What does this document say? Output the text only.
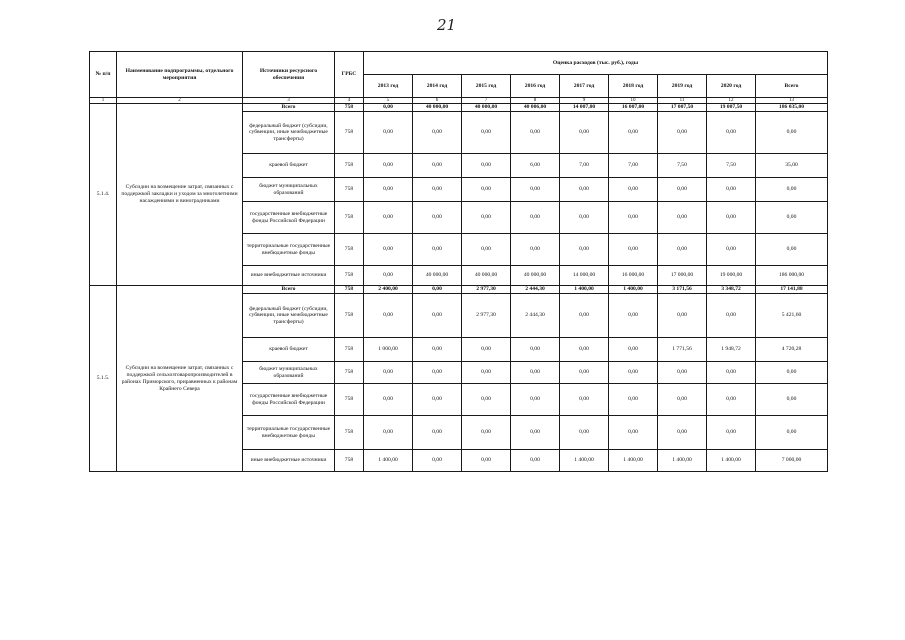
21
№ п/п	Наименование подпрограммы, отдельного мероприятия	Источники ресурсного обеспечения	ГРБС	Оценка расходов (тыс. руб.), годы								
				2013 год	2014 год	2015 год	2016 год	2017 год	2018 год	2019 год	2020 год	Всего
1	2	3	4	5	6	7	8	9	10	11	12	13
5.1.4.	Субсидии на возмещение затрат, связанных с поддержкой закладки и уходом за многолетними насаждениями и виноградниками	Всего	758	0,00	40 000,00	40 000,00	40 006,00	14 007,00	16 007,00	17 007,50	19 007,50	186 035,00
		федеральный бюджет (субсидии, субвенции, иные межбюджетные трансферты)	758	0,00	0,00	0,00	0,00	0,00	0,00	0,00	0,00	0,00
		краевой бюджет	758	0,00	0,00	0,00	6,00	7,00	7,00	7,50	7,50	35,00
		бюджет муниципальных образований	758	0,00	0,00	0,00	0,00	0,00	0,00	0,00	0,00	0,00
		государственные внебюджетные фонды Российской Федерации	758	0,00	0,00	0,00	0,00	0,00	0,00	0,00	0,00	0,00
		территориальные государственные внебюджетные фонды	758	0,00	0,00	0,00	0,00	0,00	0,00	0,00	0,00	0,00
		иные внебюджетные источники	758	0,00	40 000,00	40 000,00	40 000,00	14 000,00	16 000,00	17 000,00	19 000,00	186 000,00
5.1.5.	Субсидии на возмещение затрат, связанных с поддержкой сельхозтоваропроизводителей в районах Приморского, приравненных к районам Крайнего Севера	Всего	758	2 400,00	0,00	2 977,30	2 444,30	1 400,00	1 400,00	3 171,56	3 348,72	17 141,88
		федеральный бюджет (субсидии, субвенции, иные межбюджетные трансферты)	758	0,00	0,00	2 977,30	2 444,30	0,00	0,00	0,00	0,00	5 421,60
		краевой бюджет	758	1 000,00	0,00	0,00	0,00	0,00	0,00	1 771,56	1 948,72	4 720,28
		бюджет муниципальных образований	758	0,00	0,00	0,00	0,00	0,00	0,00	0,00	0,00	0,00
		государственные внебюджетные фонды Российской Федерации	758	0,00	0,00	0,00	0,00	0,00	0,00	0,00	0,00	0,00
		территориальные государственные внебюджетные фонды	758	0,00	0,00	0,00	0,00	0,00	0,00	0,00	0,00	0,00
		иные внебюджетные источники	758	1 400,00	0,00	0,00	0,00	1 400,00	1 400,00	1 400,00	1 400,00	7 000,00
